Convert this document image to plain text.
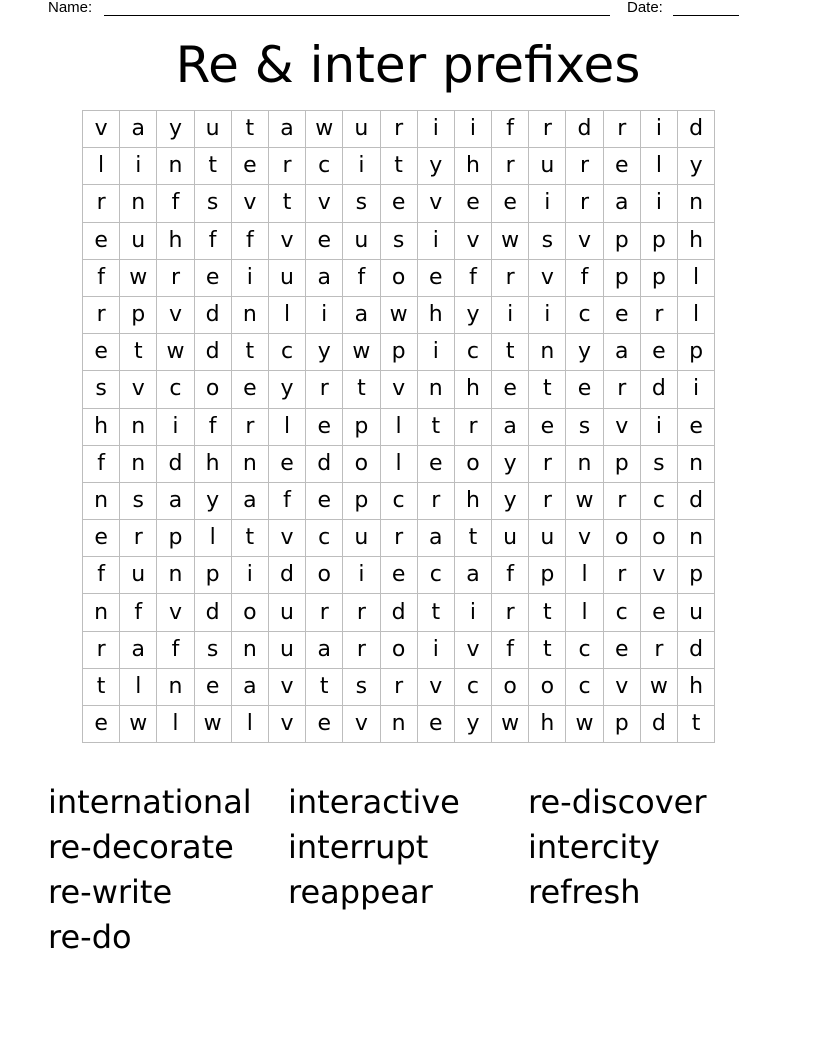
Name:	Date:
Re & inter prefixes
v	a	y	u	t	a	w	u	r	i	i	f	r	d	r	i	d
l	i	n	t	e	r	c	i	t	y	h	r	u	r	e	l	y
r	n	f	s	v	t	v	s	e	v	e	e	i	r	a	i	n
e	u	h	f	f	v	e	u	s	i	v	w	s	v	p	p	h
f	w	r	e	i	u	a	f	o	e	f	r	v	f	p	p	l
r	p	v	d	n	l	i	a	w	h	y	i	i	c	e	r	l
e	t	w	d	t	c	y	w	p	i	c	t	n	y	a	e	p
s	v	c	o	e	y	r	t	v	n	h	e	t	e	r	d	i
h	n	i	f	r	l	e	p	l	t	r	a	e	s	v	i	e
f	n	d	h	n	e	d	o	l	e	o	y	r	n	p	s	n
n	s	a	y	a	f	e	p	c	r	h	y	r	w	r	c	d
e	r	p	l	t	v	c	u	r	a	t	u	u	v	o	o	n
f	u	n	p	i	d	o	i	e	c	a	f	p	l	r	v	p
n	f	v	d	o	u	r	r	d	t	i	r	t	l	c	e	u
r	a	f	s	n	u	a	r	o	i	v	f	t	c	e	r	d
t	l	n	e	a	v	t	s	r	v	c	o	o	c	v	w	h
e	w	l	w	l	v	e	v	n	e	y	w	h	w	p	d	t
international	interactive	re-discover
re-decorate	interrupt	intercity
re-write	reappear	refresh
re-do
